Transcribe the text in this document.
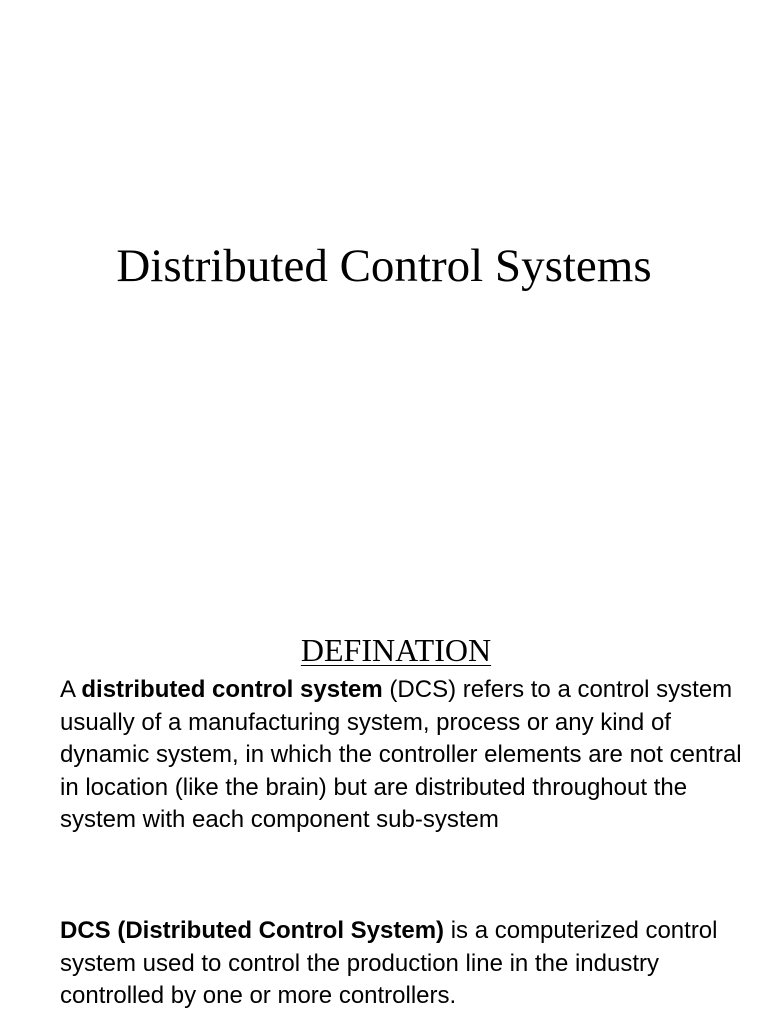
Distributed Control Systems
DEFINATION

A distributed control system (DCS) refers to a control system usually of a manufacturing system, process or any kind of dynamic system, in which the controller elements are not central in location (like the brain) but are distributed throughout the system with each component sub-system

DCS (Distributed Control System) is a computerized control system used to control the production line in the industry controlled by one or more controllers.
